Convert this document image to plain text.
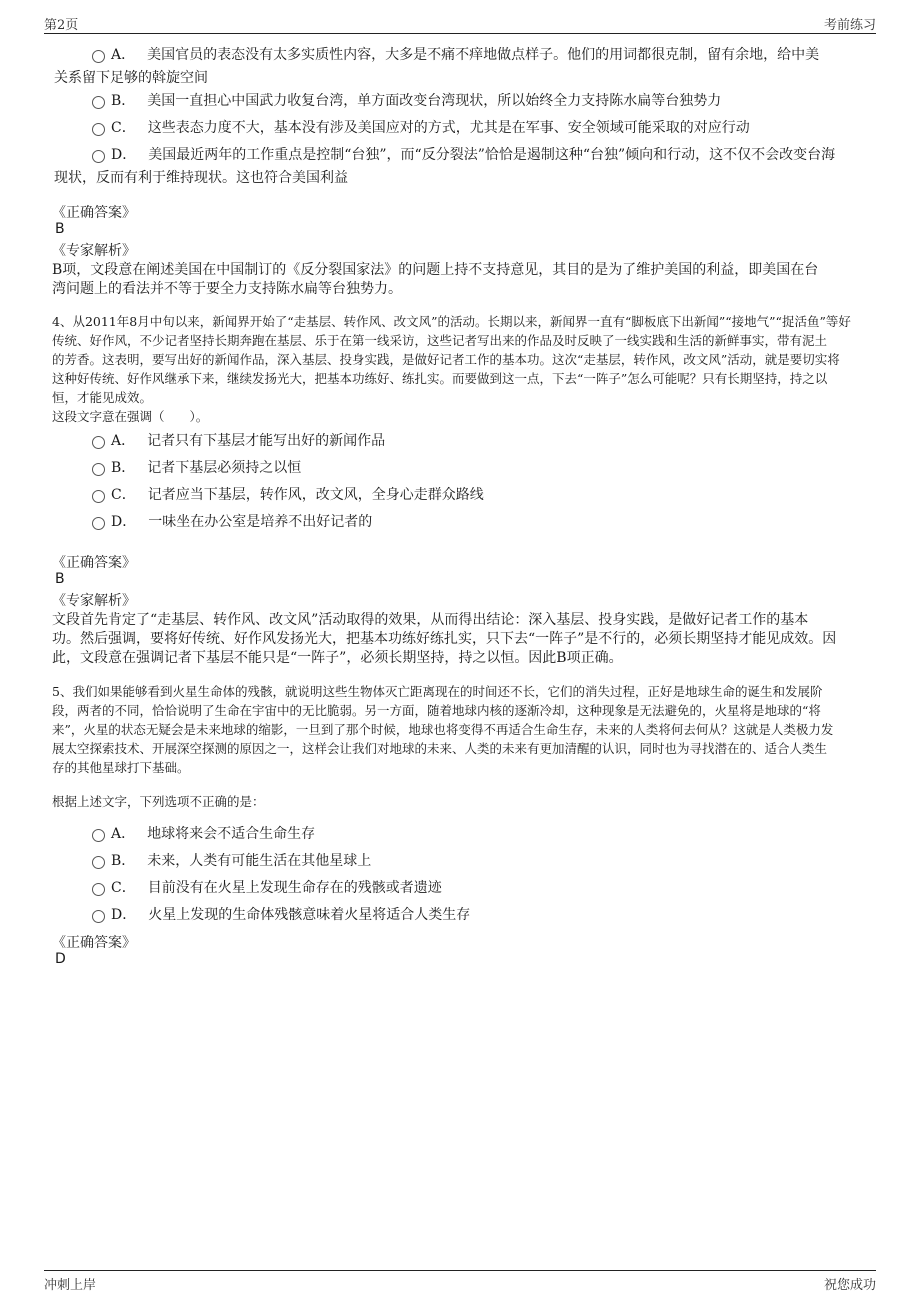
第2页	考前练习
A． 美国官员的表态没有太多实质性内容，大多是不痛不痒地做点样子。他们的用词都很克制，留有余地，给中美
关系留下足够的斡旋空间
B． 美国一直担心中国武力收复台湾，单方面改变台湾现状，所以始终全力支持陈水扁等台独势力
C． 这些表态力度不大，基本没有涉及美国应对的方式，尤其是在军事、安全领域可能采取的对应行动
D． 美国最近两年的工作重点是控制“台独”，而“反分裂法”恰恰是遏制这种“台独”倾向和行动，这不仅不会改变台海
现状，反而有利于维持现状。这也符合美国利益
《正确答案》
B
《专家解析》
B项，文段意在阐述美国在中国制订的《反分裂国家法》的问题上持不支持意见，其目的是为了维护美国的利益，即美国在台
湾问题上的看法并不等于要全力支持陈水扁等台独势力。
4、从2011年8月中旬以来，新闻界开始了“走基层、转作风、改文风”的活动。长期以来，新闻界一直有“脚板底下出新闻”“接地气”“捉活鱼”等好
传统、好作风，不少记者坚持长期奔跑在基层、乐于在第一线采访，这些记者写出来的作品及时反映了一线实践和生活的新鲜事实，带有泥土
的芳香。这表明，要写出好的新闻作品，深入基层、投身实践，是做好记者工作的基本功。这次“走基层，转作风，改文风”活动，就是要切实将
这种好传统、好作风继承下来，继续发扬光大，把基本功练好、练扎实。而要做到这一点，下去“一阵子”怎么可能呢？只有长期坚持，持之以
恒，才能见成效。
这段文字意在强调（　　）。
A． 记者只有下基层才能写出好的新闻作品
B． 记者下基层必须持之以恒
C． 记者应当下基层，转作风，改文风，全身心走群众路线
D． 一味坐在办公室是培养不出好记者的
《正确答案》
B
《专家解析》
文段首先肯定了“走基层、转作风、改文风”活动取得的效果，从而得出结论：深入基层、投身实践，是做好记者工作的基本
功。然后强调，要将好传统、好作风发扬光大，把基本功练好练扎实，只下去“一阵子”是不行的，必须长期坚持才能见成效。因
此，文段意在强调记者下基层不能只是“一阵子”，必须长期坚持，持之以恒。因此B项正确。
5、我们如果能够看到火星生命体的残骸，就说明这些生物体灭亡距离现在的时间还不长，它们的消失过程，正好是地球生命的诞生和发展阶
段，两者的不同，恰恰说明了生命在宇宙中的无比脆弱。另一方面，随着地球内核的逐渐冷却，这种现象是无法避免的，火星将是地球的“将
来”，火星的状态无疑会是未来地球的缩影，一旦到了那个时候，地球也将变得不再适合生命生存，未来的人类将何去何从？这就是人类极力发
展太空探索技术、开展深空探测的原因之一，这样会让我们对地球的未来、人类的未来有更加清醒的认识，同时也为寻找潜在的、适合人类生
存的其他星球打下基础。
根据上述文字，下列选项不正确的是：
A． 地球将来会不适合生命生存
B． 未来，人类有可能生活在其他星球上
C． 目前没有在火星上发现生命存在的残骸或者遗迹
D． 火星上发现的生命体残骸意味着火星将适合人类生存
《正确答案》
D
冲刺上岸	祝您成功
